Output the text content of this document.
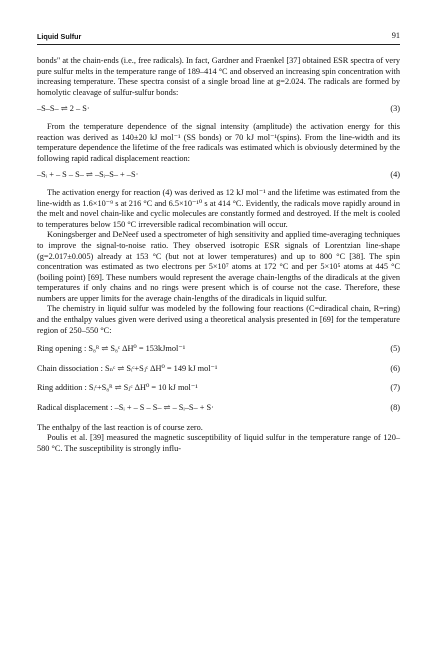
Liquid Sulfur	91

bonds" at the chain-ends (i.e., free radicals). In fact, Gardner and Fraenkel [37] obtained ESR spectra of very pure sulfur melts in the temperature range of 189–414 °C and observed an increasing spin concentration with increasing temperature. These spectra consist of a single broad line at g=2.024. The radicals are formed by homolytic cleavage of sulfur-sulfur bonds:

–S–S– ⇌ 2 – S·	(3)

From the temperature dependence of the signal intensity (amplitude) the activation energy for this reaction was derived as 140±20 kJ mol⁻¹ (SS bonds) or 70 kJ mol⁻¹(spins). From the line-width and its temperature dependence the lifetime of the free radicals was estimated which is obviously determined by the following rapid radical displacement reaction:

–Sᵢ + – S – S– ⇌ –Sᵢ–S– + –S·	(4)

The activation energy for reaction (4) was derived as 12 kJ mol⁻¹ and the lifetime was estimated from the line-width as 1.6×10⁻⁹ s at 216 °C and 6.5×10⁻¹⁰ s at 414 °C. Evidently, the radicals move rapidly around in the melt and novel chain-like and cyclic molecules are constantly formed and destroyed. If the melt is cooled to temperatures below 150 °C irreversible radical recombination will occur.

Koningsberger and DeNeef used a spectrometer of high sensitivity and applied time-averaging techniques to improve the signal-to-noise ratio. They observed isotropic ESR signals of Lorentzian line-shape (g=2.017±0.005) already at 153 °C (but not at lower temperatures) and up to 800 °C [38]. The spin concentration was estimated as two electrons per 5×10⁷ atoms at 172 °C and per 5×10⁵ atoms at 445 °C (boiling point) [69]. These numbers would represent the average chain-lengths of the diradicals at the given temperatures if only chains and no rings were present which is of course not the case. Therefore, these numbers are upper limits for the average chain-lengths of the diradicals in liquid sulfur.

The chemistry in liquid sulfur was modeled by the following four reactions (C=diradical chain, R=ring) and the enthalpy values given were derived using a theoretical analysis presented in [69] for the temperature region of 250–550 °C:

Ring opening : S₈ᴿ ⇌ S₈ᶜ ΔH⁰ = 153kJmol⁻¹	(5)
Chain dissociation : Sₙᶜ ⇌ Sᵢᶜ+Sⱼᶜ ΔH⁰ = 149 kJ mol⁻¹	(6)
Ring addition : Sᵢᶜ+S₈ᴿ ⇌ Sⱼᶜ ΔH⁰ = 10 kJ mol⁻¹	(7)
Radical displacement : –Sᵢ + – S – S– ⇌ – Sᵢ–S– + S·	(8)

The enthalpy of the last reaction is of course zero.

Poulis et al. [39] measured the magnetic susceptibility of liquid sulfur in the temperature range of 120–580 °C. The susceptibility is strongly influ-
